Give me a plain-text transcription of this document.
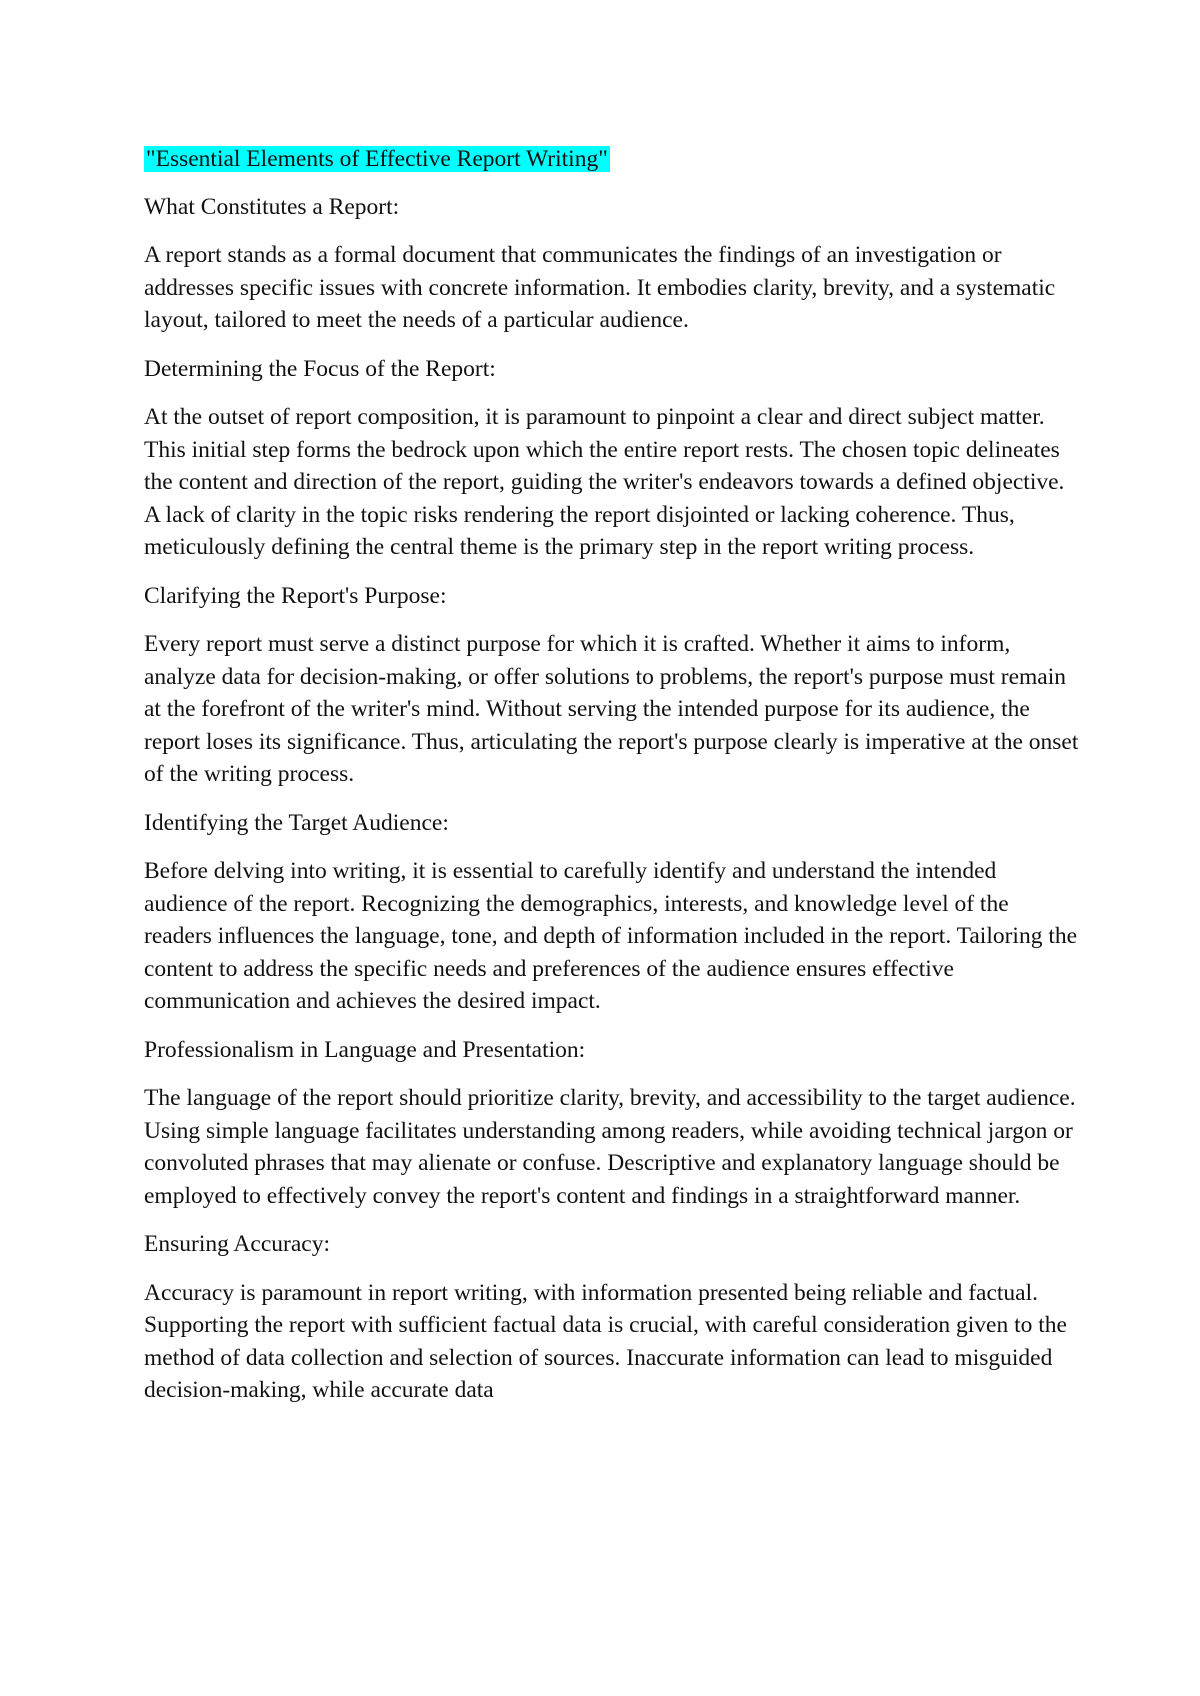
"Essential Elements of Effective Report Writing"

What Constitutes a Report:

A report stands as a formal document that communicates the findings of an investigation or addresses specific issues with concrete information. It embodies clarity, brevity, and a systematic layout, tailored to meet the needs of a particular audience.

Determining the Focus of the Report:

At the outset of report composition, it is paramount to pinpoint a clear and direct subject matter. This initial step forms the bedrock upon which the entire report rests. The chosen topic delineates the content and direction of the report, guiding the writer's endeavors towards a defined objective. A lack of clarity in the topic risks rendering the report disjointed or lacking coherence. Thus, meticulously defining the central theme is the primary step in the report writing process.

Clarifying the Report's Purpose:

Every report must serve a distinct purpose for which it is crafted. Whether it aims to inform, analyze data for decision-making, or offer solutions to problems, the report's purpose must remain at the forefront of the writer's mind. Without serving the intended purpose for its audience, the report loses its significance. Thus, articulating the report's purpose clearly is imperative at the onset of the writing process.

Identifying the Target Audience:

Before delving into writing, it is essential to carefully identify and understand the intended audience of the report. Recognizing the demographics, interests, and knowledge level of the readers influences the language, tone, and depth of information included in the report. Tailoring the content to address the specific needs and preferences of the audience ensures effective communication and achieves the desired impact.

Professionalism in Language and Presentation:

The language of the report should prioritize clarity, brevity, and accessibility to the target audience. Using simple language facilitates understanding among readers, while avoiding technical jargon or convoluted phrases that may alienate or confuse. Descriptive and explanatory language should be employed to effectively convey the report's content and findings in a straightforward manner.

Ensuring Accuracy:

Accuracy is paramount in report writing, with information presented being reliable and factual. Supporting the report with sufficient factual data is crucial, with careful consideration given to the method of data collection and selection of sources. Inaccurate information can lead to misguided decision-making, while accurate data
